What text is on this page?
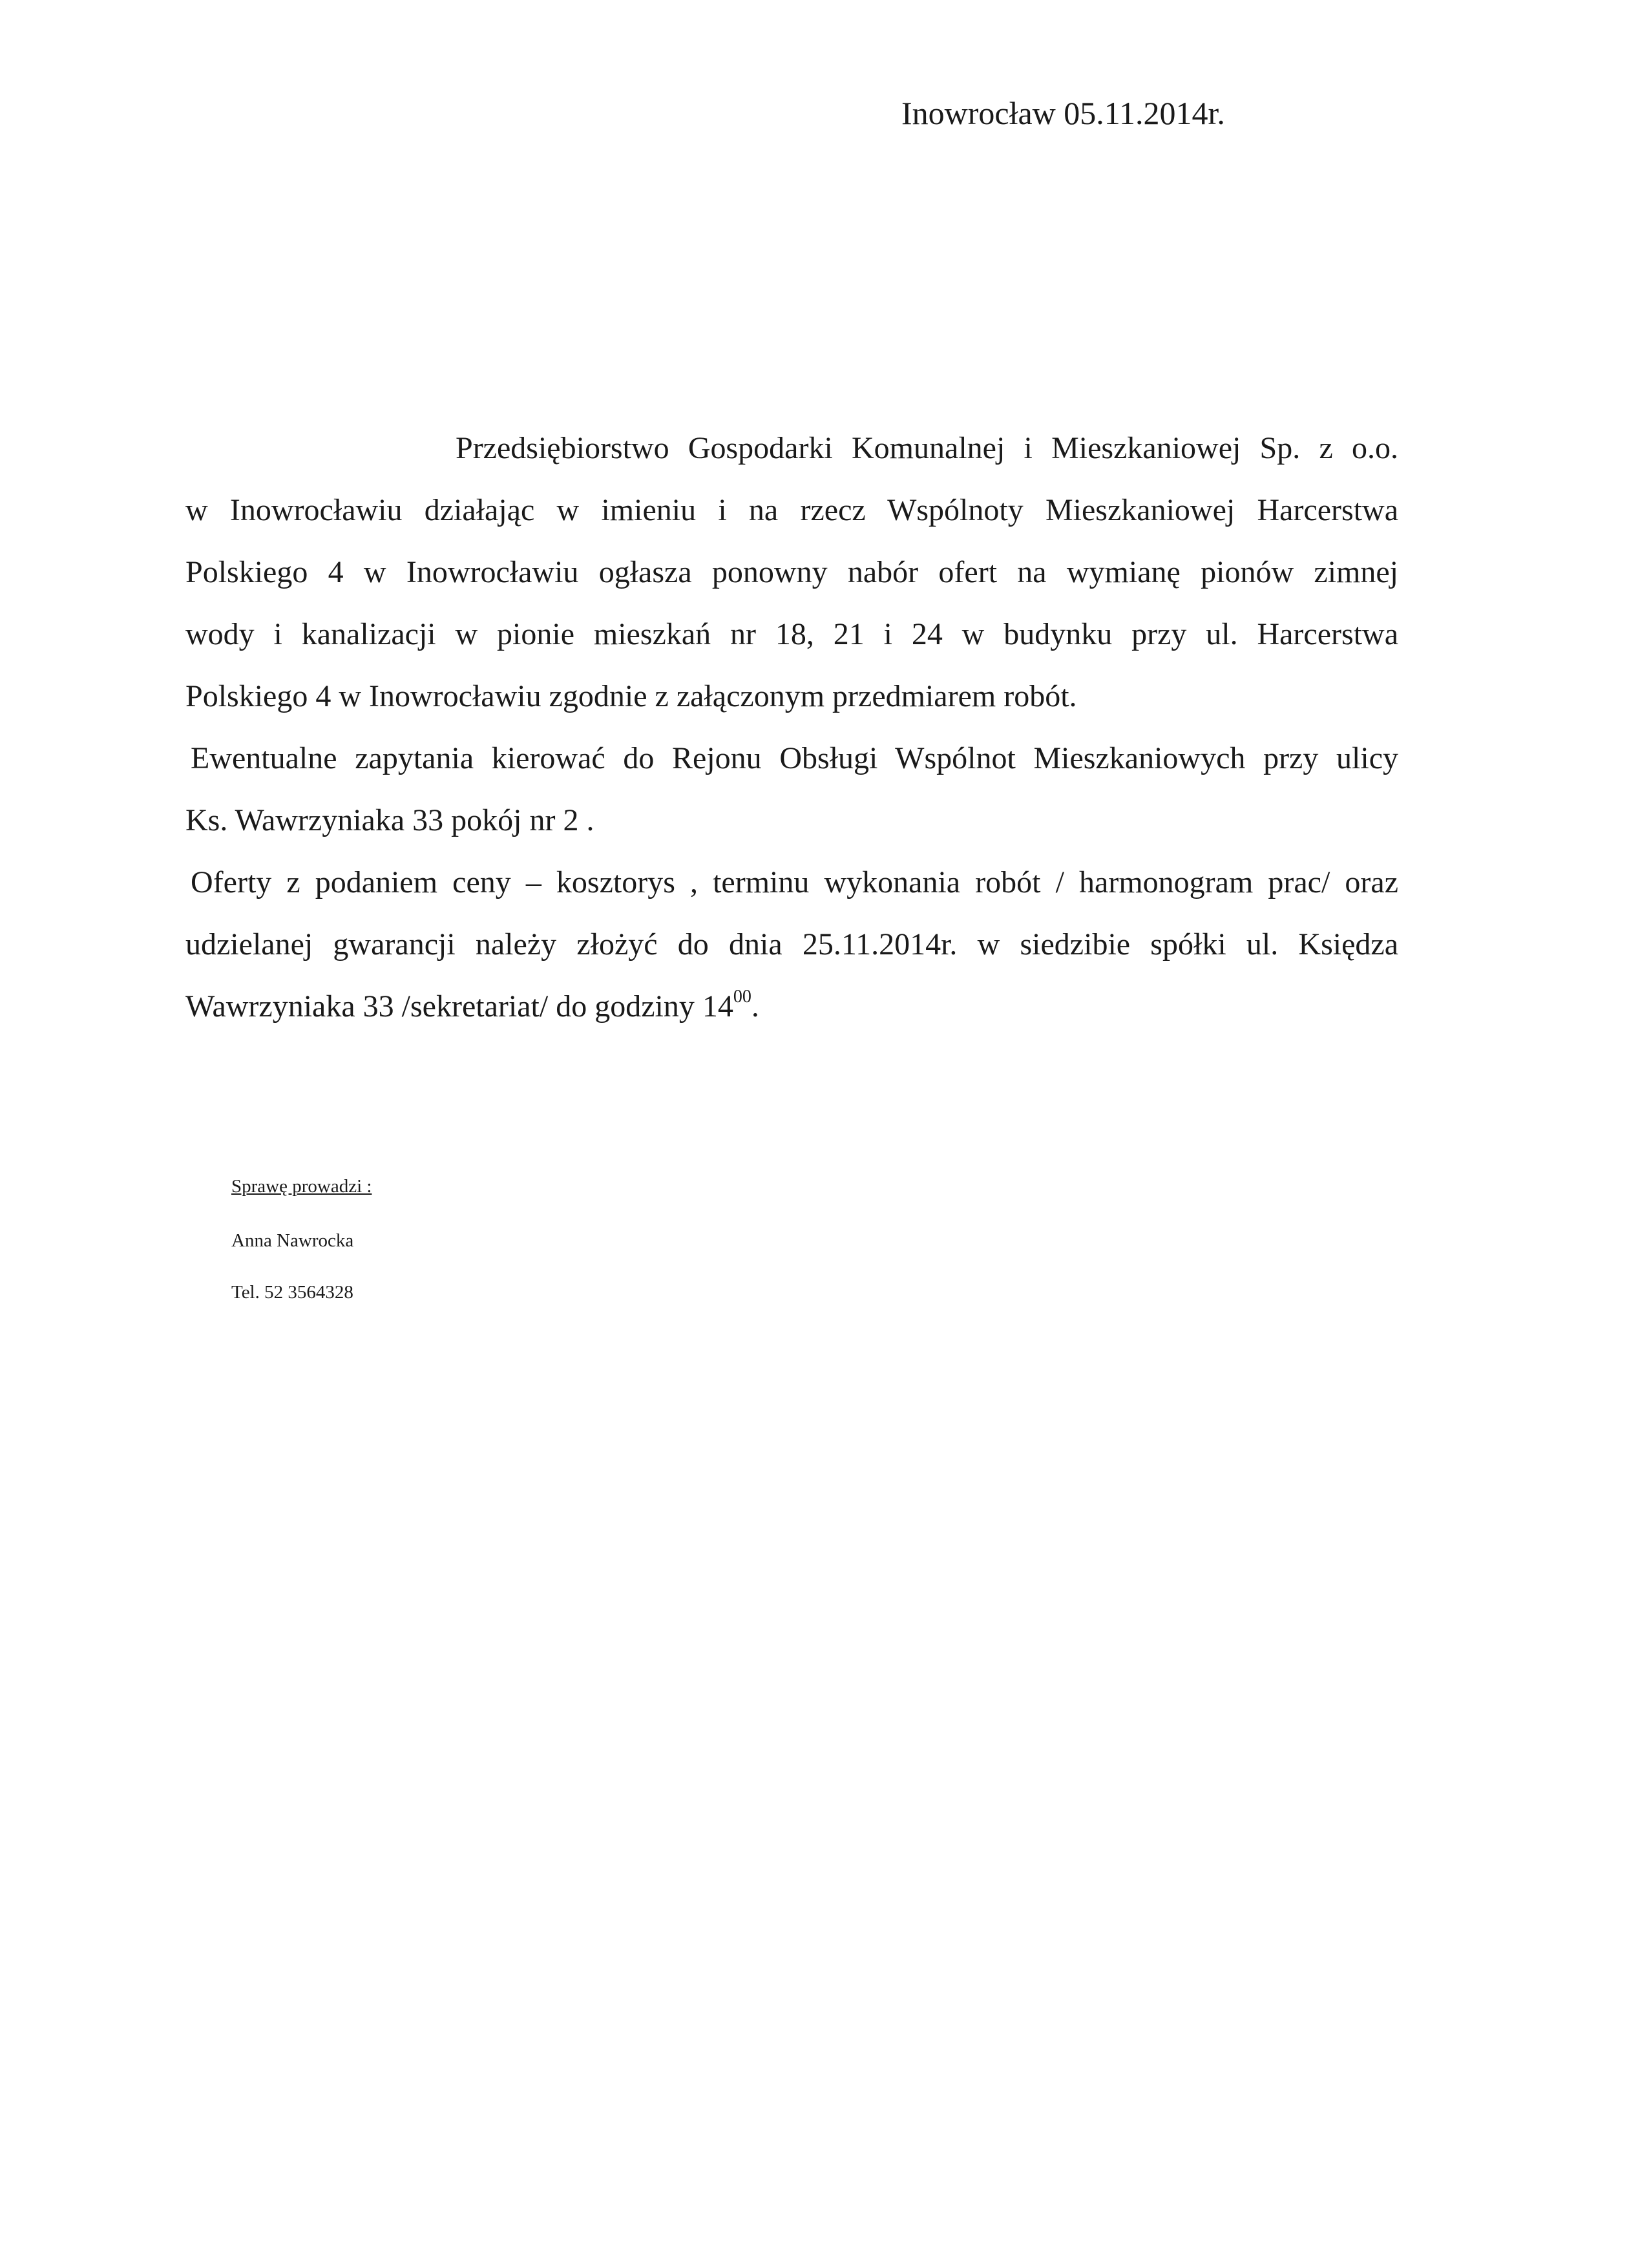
Inowrocław 05.11.2014r.
Przedsiębiorstwo Gospodarki Komunalnej i Mieszkaniowej Sp. z o.o.
w Inowrocławiu działając w imieniu i na rzecz Wspólnoty Mieszkaniowej Harcerstwa
Polskiego 4 w Inowrocławiu ogłasza ponowny nabór ofert na wymianę pionów zimnej
wody i kanalizacji w pionie mieszkań nr 18, 21 i 24 w budynku przy ul. Harcerstwa
Polskiego 4 w Inowrocławiu zgodnie z załączonym przedmiarem robót.
Ewentualne zapytania kierować do Rejonu Obsługi Wspólnot Mieszkaniowych przy ulicy
Ks. Wawrzyniaka 33 pokój nr 2 .
Oferty z podaniem ceny – kosztorys , terminu wykonania robót / harmonogram prac/ oraz
udzielanej gwarancji należy złożyć do dnia 25.11.2014r. w siedzibie spółki ul. Księdza
Wawrzyniaka 33 /sekretariat/ do godziny $14^{00}$.
Sprawę prowadzi :
Anna Nawrocka
Tel. 52 3564328
